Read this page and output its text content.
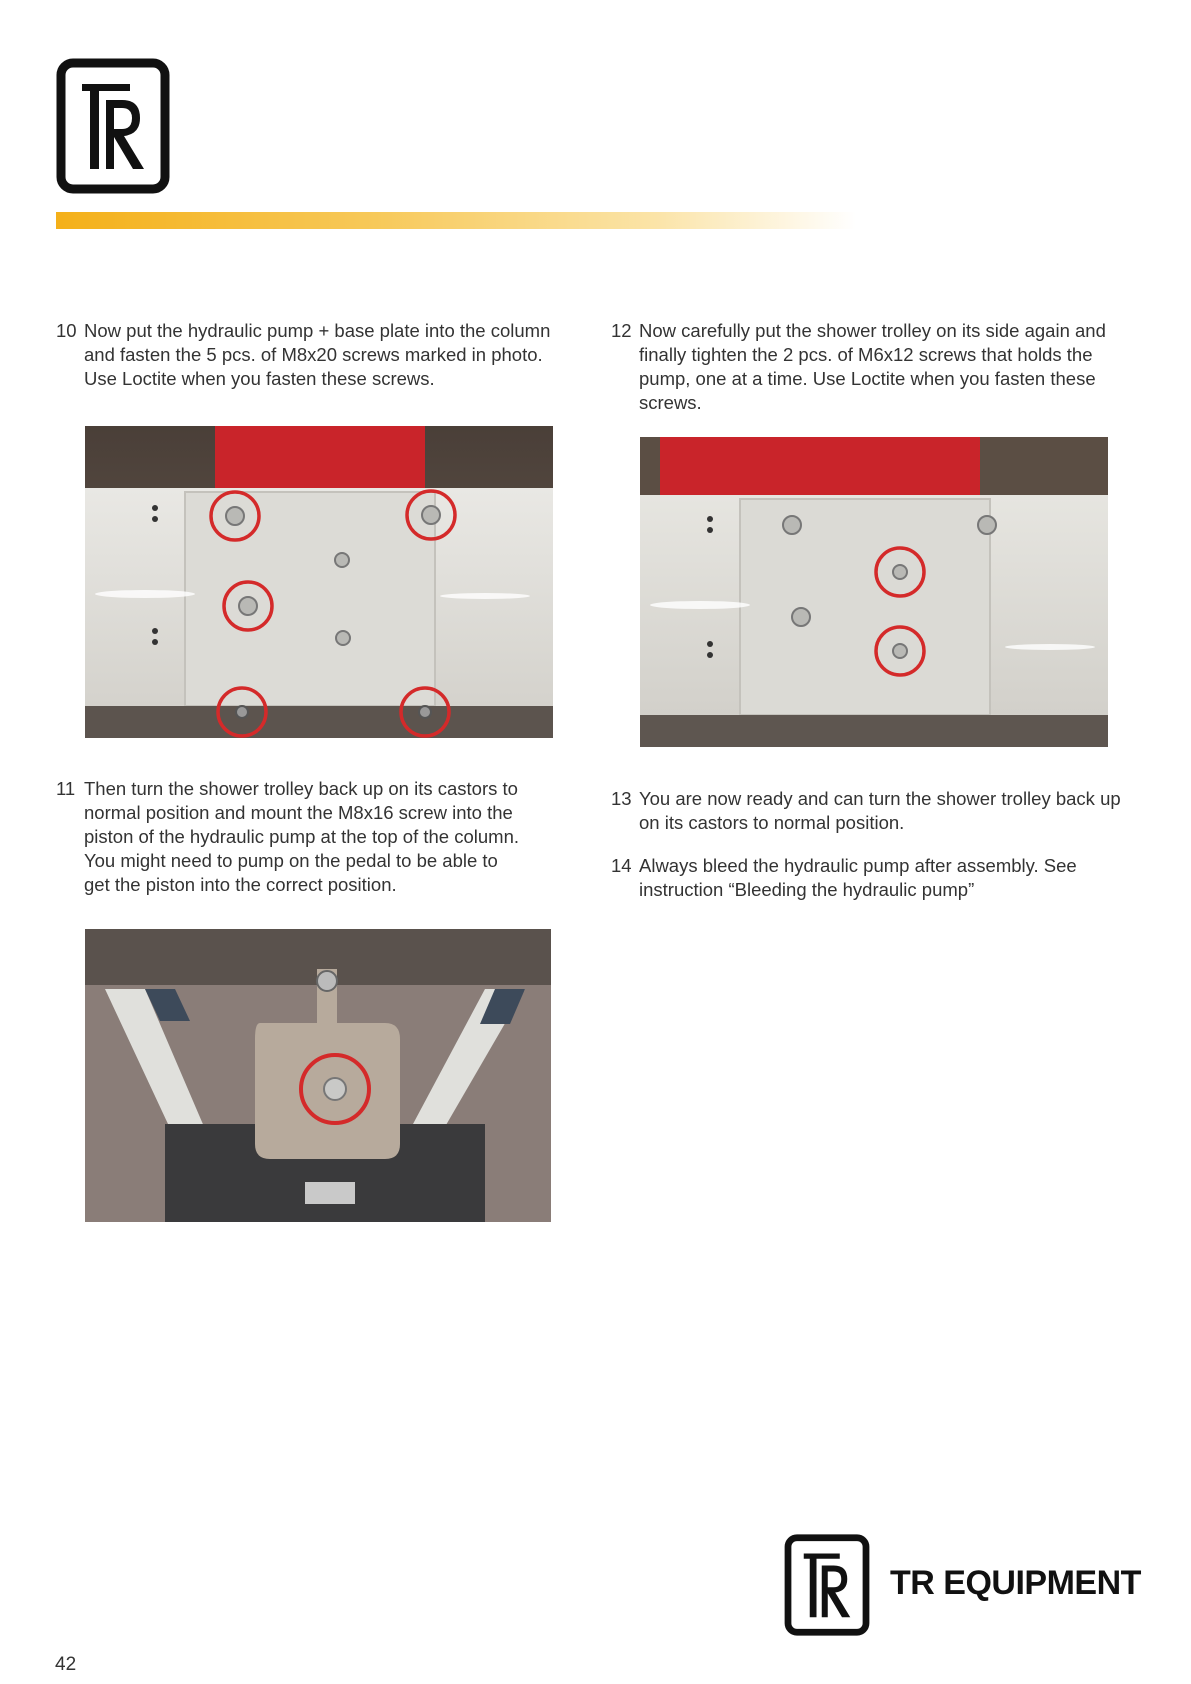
10 Now put the hydraulic pump + base plate into the column
and fasten the 5 pcs. of M8x20 screws marked in photo.
Use Loctite when you fasten these screws.
11 Then turn the shower trolley back up on its castors to
normal position and mount the M8x16 screw into the
piston of the hydraulic pump at the top of the column.
You might need to pump on the pedal to be able to
get the piston into the correct position.
12 Now carefully put the shower trolley on its side again and
finally tighten the 2 pcs. of M6x12 screws that holds the
pump, one at a time. Use Loctite when you fasten these
screws.
13 You are now ready and can turn the shower trolley back up
on its castors to normal position.
14 Always bleed the hydraulic pump after assembly. See
instruction “Bleeding the hydraulic pump”
TR EQUIPMENT
42
